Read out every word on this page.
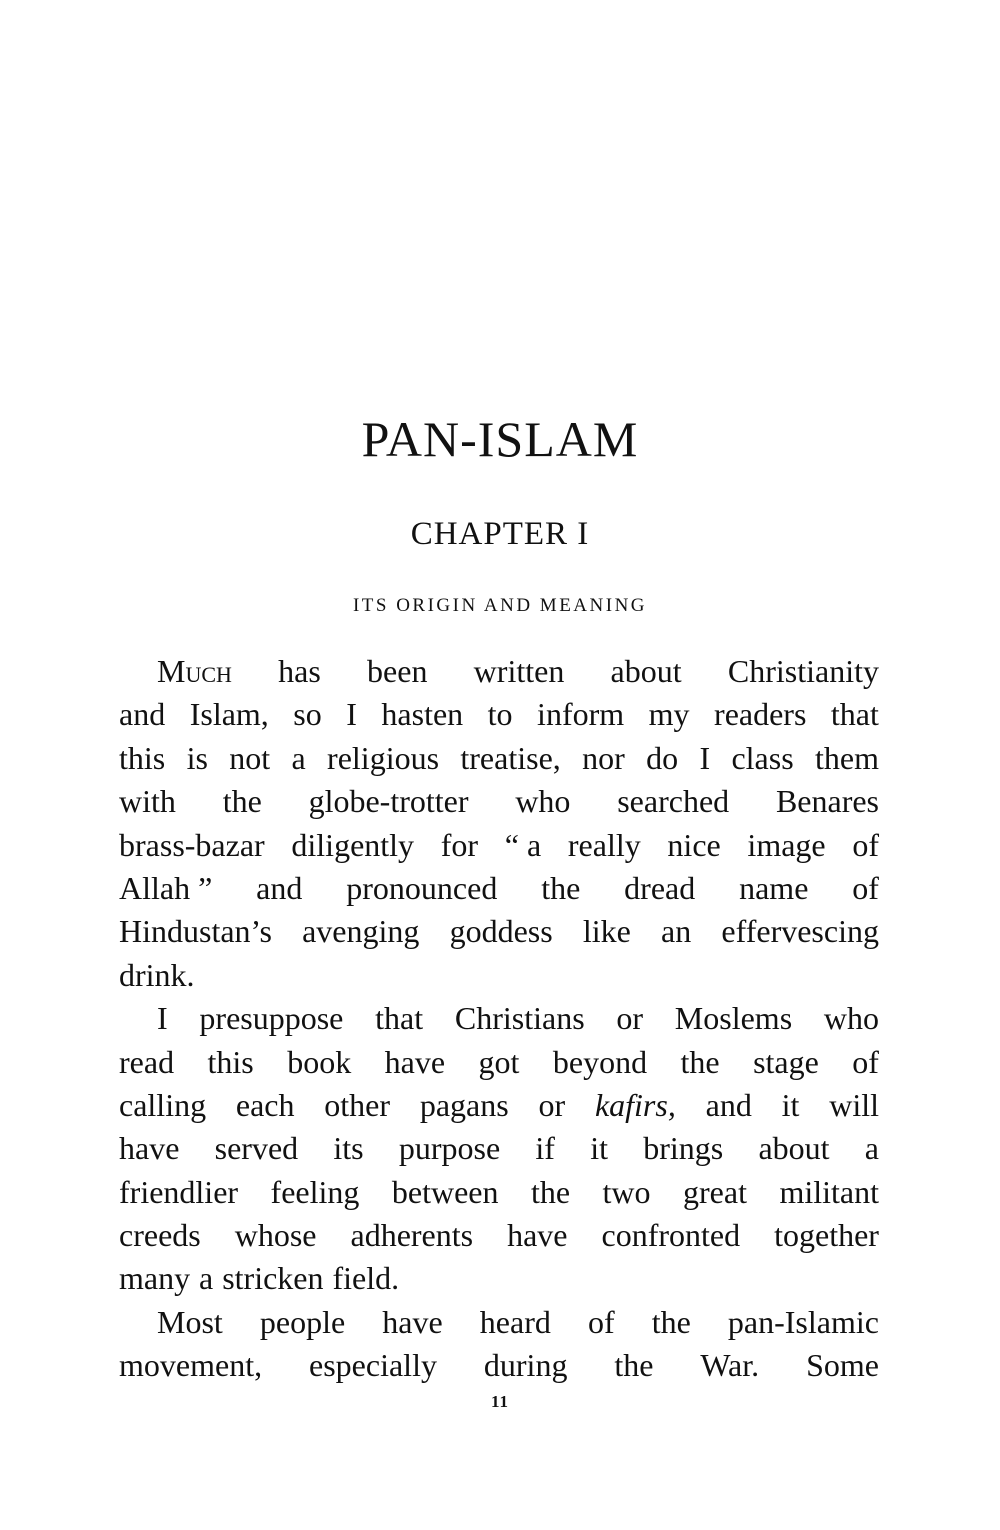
PAN-ISLAM
CHAPTER I
ITS ORIGIN AND MEANING
Much has been written about Christianity
and Islam, so I hasten to inform my readers that
this is not a religious treatise, nor do I class them
with the globe-trotter who searched Benares
brass-bazar diligently for “ a really nice image of
Allah ” and pronounced the dread name of
Hindustan’s avenging goddess like an effervescing
drink.
I presuppose that Christians or Moslems who
read this book have got beyond the stage of
calling each other pagans or kafirs, and it will
have served its purpose if it brings about a
friendlier feeling between the two great militant
creeds whose adherents have confronted together
many a stricken field.
Most people have heard of the pan-Islamic
movement, especially during the War. Some
11
